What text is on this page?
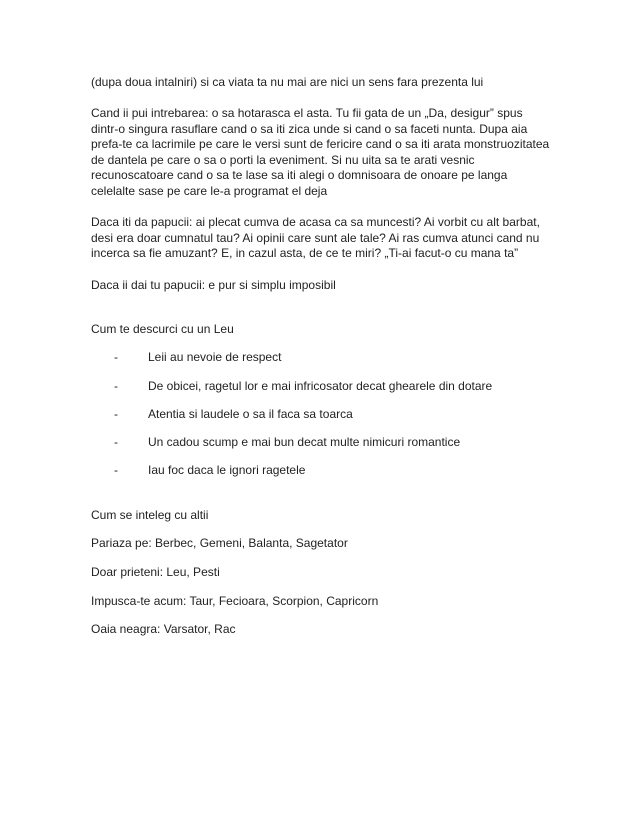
(dupa doua intalniri) si ca viata ta nu mai are nici un sens fara prezenta lui

Cand ii pui intrebarea: o sa hotarasca el asta. Tu fii gata de un „Da, desigur” spus dintr-o singura rasuflare cand o sa iti zica unde si cand o sa faceti nunta. Dupa aia prefa-te ca lacrimile pe care le versi sunt de fericire cand o sa iti arata monstruozitatea de dantela pe care o sa o porti la eveniment. Si nu uita sa te arati vesnic recunoscatoare cand o sa te lase sa iti alegi o domnisoara de onoare pe langa celelalte sase pe care le-a programat el deja

Daca iti da papucii: ai plecat cumva de acasa ca sa muncesti? Ai vorbit cu alt barbat, desi era doar cumnatul tau? Ai opinii care sunt ale tale? Ai ras cumva atunci cand nu incerca sa fie amuzant? E, in cazul asta, de ce te miri? „Ti-ai facut-o cu mana ta”

Daca ii dai tu papucii: e pur si simplu imposibil

Cum te descurci cu un Leu

-	Leii au nevoie de respect
-	De obicei, ragetul lor e mai infricosator decat ghearele din dotare
-	Atentia si laudele o sa il faca sa toarca
-	Un cadou scump e mai bun decat multe nimicuri romantice
-	Iau foc daca le ignori ragetele

Cum se inteleg cu altii

Pariaza pe: Berbec, Gemeni, Balanta, Sagetator

Doar prieteni: Leu, Pesti

Impusca-te acum: Taur, Fecioara, Scorpion, Capricorn

Oaia neagra: Varsator, Rac
